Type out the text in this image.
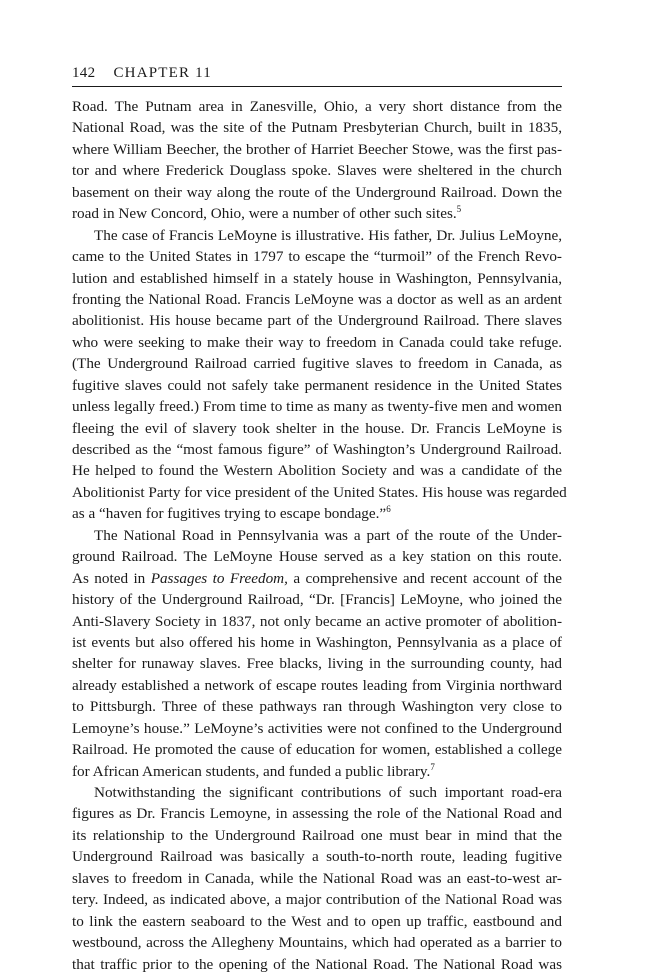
142 CHAPTER 11
Road. The Putnam area in Zanesville, Ohio, a very short distance from the
National Road, was the site of the Putnam Presbyterian Church, built in 1835,
where William Beecher, the brother of Harriet Beecher Stowe, was the first pas-
tor and where Frederick Douglass spoke. Slaves were sheltered in the church
basement on their way along the route of the Underground Railroad. Down the
road in New Concord, Ohio, were a number of other such sites.$^5$
The case of Francis LeMoyne is illustrative. His father, Dr. Julius LeMoyne,
came to the United States in 1797 to escape the “turmoil” of the French Revo-
lution and established himself in a stately house in Washington, Pennsylvania,
fronting the National Road. Francis LeMoyne was a doctor as well as an ardent
abolitionist. His house became part of the Underground Railroad. There slaves
who were seeking to make their way to freedom in Canada could take refuge.
(The Underground Railroad carried fugitive slaves to freedom in Canada, as
fugitive slaves could not safely take permanent residence in the United States
unless legally freed.) From time to time as many as twenty-five men and women
fleeing the evil of slavery took shelter in the house. Dr. Francis LeMoyne is
described as the “most famous figure” of Washington’s Underground Railroad.
He helped to found the Western Abolition Society and was a candidate of the
Abolitionist Party for vice president of the United States. His house was regarded
as a “haven for fugitives trying to escape bondage.”$^6$
The National Road in Pennsylvania was a part of the route of the Under-
ground Railroad. The LeMoyne House served as a key station on this route.
As noted in Passages to Freedom, a comprehensive and recent account of the
history of the Underground Railroad, “Dr. [Francis] LeMoyne, who joined the
Anti-Slavery Society in 1837, not only became an active promoter of abolition-
ist events but also offered his home in Washington, Pennsylvania as a place of
shelter for runaway slaves. Free blacks, living in the surrounding county, had
already established a network of escape routes leading from Virginia northward
to Pittsburgh. Three of these pathways ran through Washington very close to
Lemoyne’s house.” LeMoyne’s activities were not confined to the Underground
Railroad. He promoted the cause of education for women, established a college
for African American students, and funded a public library.$^7$
Notwithstanding the significant contributions of such important road-era
figures as Dr. Francis Lemoyne, in assessing the role of the National Road and
its relationship to the Underground Railroad one must bear in mind that the
Underground Railroad was basically a south-to-north route, leading fugitive
slaves to freedom in Canada, while the National Road was an east-to-west ar-
tery. Indeed, as indicated above, a major contribution of the National Road was
to link the eastern seaboard to the West and to open up traffic, eastbound and
westbound, across the Allegheny Mountains, which had operated as a barrier to
that traffic prior to the opening of the National Road. The National Road was
